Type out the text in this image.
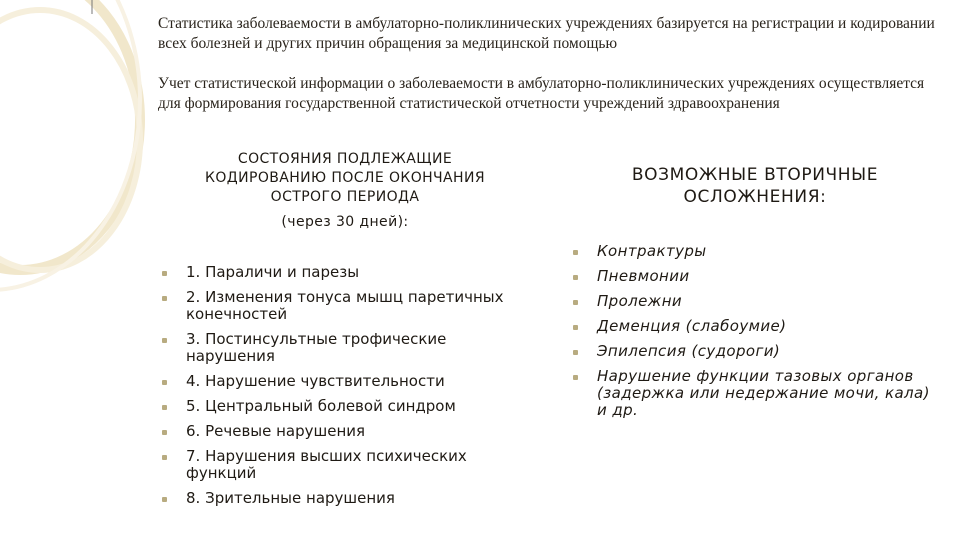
Статистика заболеваемости в амбулаторно-поликлинических учреждениях базируется на регистрации и кодировании всех болезней и других причин обращения за медицинской помощью

Учет статистической информации о заболеваемости в амбулаторно-поликлинических учреждениях осуществляется для формирования государственной статистической отчетности учреждений здравоохранения

СОСТОЯНИЯ ПОДЛЕЖАЩИЕ КОДИРОВАНИЮ ПОСЛЕ ОКОНЧАНИЯ ОСТРОГО ПЕРИОДА
(через 30 дней):
ВОЗМОЖНЫЕ ВТОРИЧНЫЕ ОСЛОЖНЕНИЯ:
1. Параличи и парезы
2. Изменения тонуса мышц паретичных конечностей
3. Постинсультные трофические нарушения
4. Нарушение чувствительности
5. Центральный болевой синдром
6. Речевые нарушения
7. Нарушения высших психических функций
8. Зрительные нарушения
Контрактуры
Пневмонии
Пролежни
Деменция (слабоумие)
Эпилепсия (судороги)
Нарушение функции тазовых органов (задержка или недержание мочи, кала) и др.
